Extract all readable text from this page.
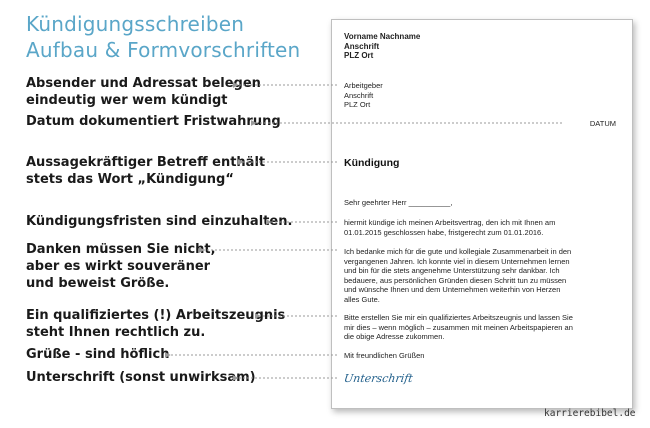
Kündigungsschreiben
Aufbau & Formvorschriften
Absender und Adressat belegen
eindeutig wer wem kündigt
Datum dokumentiert Fristwahrung
Aussagekräftiger Betreff enthält
stets das Wort „Kündigung“
Kündigungsfristen sind einzuhalten.
Danken müssen Sie nicht,
aber es wirkt souveräner
und beweist Größe.
Ein qualifiziertes (!) Arbeitszeugnis
steht Ihnen rechtlich zu.
Grüße - sind höflich
Unterschrift (sonst unwirksam)
Vorname Nachname
Anschrift
PLZ Ort
Arbeitgeber
Anschrift
PLZ Ort
DATUM
Kündigung
Sehr geehrter Herr __________,
hiermit kündige ich meinen Arbeitsvertrag, den ich mit Ihnen am
01.01.2015 geschlossen habe, fristgerecht zum 01.01.2016.
Ich bedanke mich für die gute und kollegiale Zusammenarbeit in den
vergangenen Jahren. Ich konnte viel in diesem Unternehmen lernen
und bin für die stets angenehme Unterstützung sehr dankbar. Ich
bedauere, aus persönlichen Gründen diesen Schritt tun zu müssen
und wünsche Ihnen und dem Unternehmen weiterhin von Herzen
alles Gute.
Bitte erstellen Sie mir ein qualifiziertes Arbeitszeugnis und lassen Sie
mir dies – wenn möglich – zusammen mit meinen Arbeitspapieren an
die obige Adresse zukommen.
Mit freundlichen Grüßen
Unterschrift
karrierebibel.de
